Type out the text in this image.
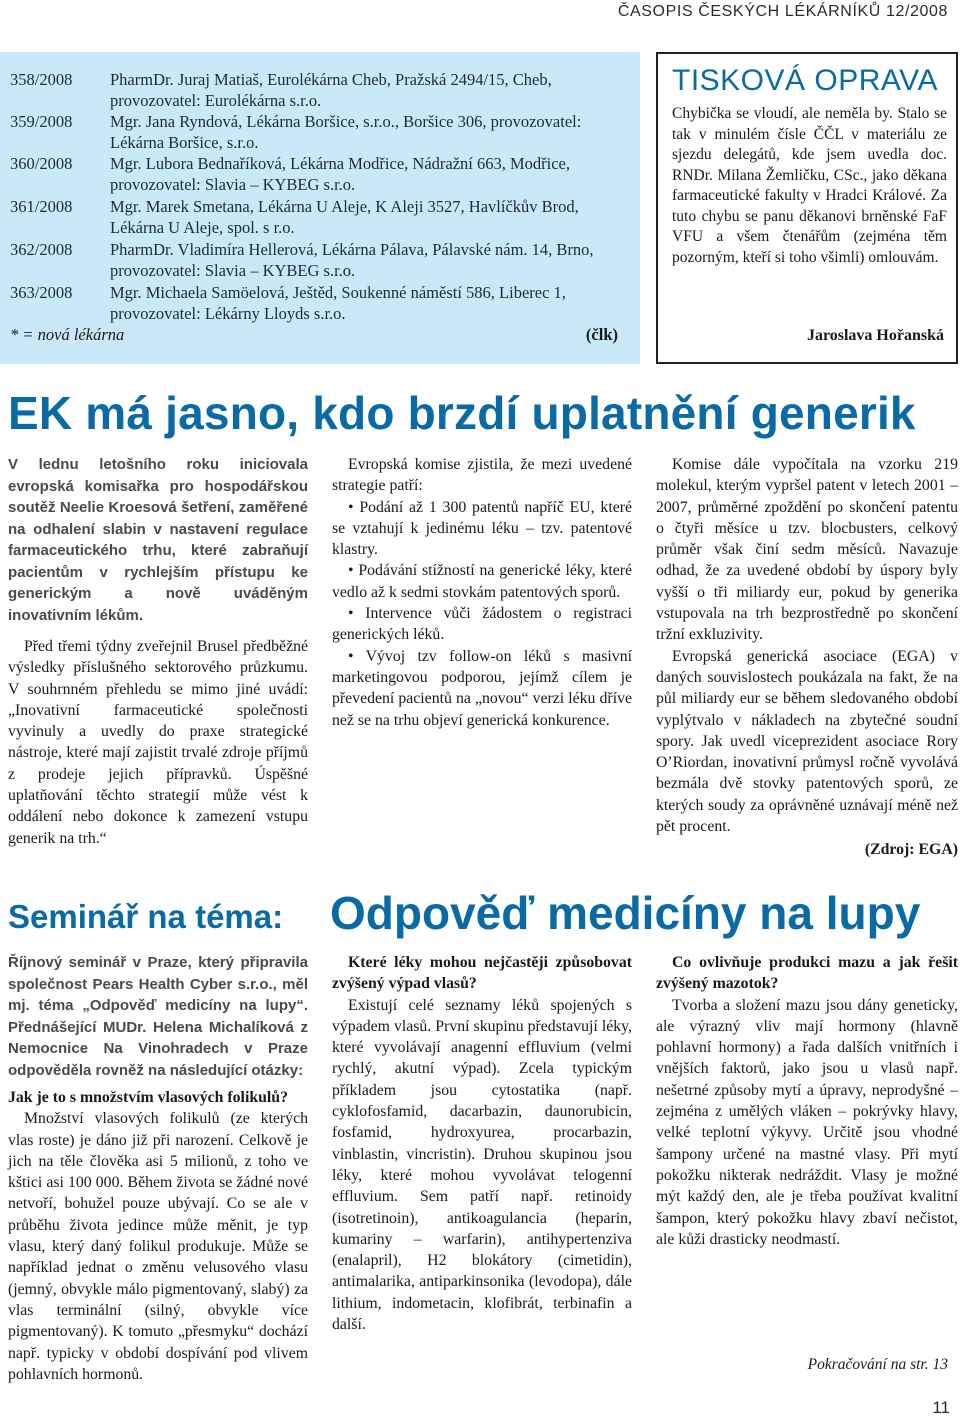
ČASOPIS ČESKÝCH LÉKÁRNÍKŮ 12/2008
358/2008 PharmDr. Juraj Matiaš, Eurolékárna Cheb, Pražská 2494/15, Cheb, provozovatel: Eurolékárna s.r.o.
359/2008 Mgr. Jana Ryndová, Lékárna Boršice, s.r.o., Boršice 306, provozovatel: Lékárna Boršice, s.r.o.
360/2008 Mgr. Lubora Bednaříková, Lékárna Modřice, Nádražní 663, Modřice, provozovatel: Slavia – KYBEG s.r.o.
361/2008 Mgr. Marek Smetana, Lékárna U Aleje, K Aleji 3527, Havlíčkův Brod, Lékárna U Aleje, spol. s r.o.
362/2008 PharmDr. Vladimíra Hellerová, Lékárna Pálava, Pálavské nám. 14, Brno, provozovatel: Slavia – KYBEG s.r.o.
363/2008 Mgr. Michaela Samöelová, Ještěd, Soukenné náměstí 586, Liberec 1, provozovatel: Lékárny Lloyds s.r.o.
* = nová lékárna	(člk)
TISKOVÁ OPRAVA
Chybička se vloudí, ale neměla by. Stalo se tak v minulém čísle ČČL v materiálu ze sjezdu delegátů, kde jsem uvedla doc. RNDr. Milana Žemličku, CSc., jako děkana farmaceutické fakulty v Hradci Králové. Za tuto chybu se panu děkanovi brněnské FaF VFU a všem čtenářům (zejména těm pozorným, kteří si toho všimli) omlouvám.
Jaroslava Hořanská
EK má jasno, kdo brzdí uplatnění generik

V lednu letošního roku iniciovala evropská komisařka pro hospodářskou soutěž Neelie Kroesová šetření, zaměřené na odhalení slabin v nastavení regulace farmaceutického trhu, které zabraňují pacientům v rychlejším přístupu ke generickým a nově uváděným inovativním lékům.

Před třemi týdny zveřejnil Brusel předběžné výsledky příslušného sektorového průzkumu. V souhrnném přehledu se mimo jiné uvádí: „Inovativní farmaceutické společnosti vyvinuly a uvedly do praxe strategické nástroje, které mají zajistit trvalé zdroje příjmů z prodeje jejich přípravků. Úspěšné uplatňování těchto strategií může vést k oddálení nebo dokonce k zamezení vstupu generik na trh.“

Evropská komise zjistila, že mezi uvedené strategie patří:

• Podání až 1 300 patentů napříč EU, které se vztahují k jedinému léku – tzv. patentové klastry.

• Podávání stížností na generické léky, které vedlo až k sedmi stovkám patentových sporů.

• Intervence vůči žádostem o registraci generických léků.

• Vývoj tzv follow-on léků s masivní marketingovou podporou, jejímž cílem je převedení pacientů na „novou“ verzi léku dříve než se na trhu objeví generická konkurence.

Komise dále vypočítala na vzorku 219 molekul, kterým vypršel patent v letech 2001 – 2007, průměrné zpoždění po skončení patentu o čtyři měsíce u tzv. blocbusters, celkový průměr však činí sedm měsíců. Navazuje odhad, že za uvedené období by úspory byly vyšší o tři miliardy eur, pokud by generika vstupovala na trh bezprostředně po skončení tržní exkluzivity.

Evropská generická asociace (EGA) v daných souvislostech poukázala na fakt, že na půl miliardy eur se během sledovaného období vyplýtvalo v nákladech na zbytečné soudní spory. Jak uvedl viceprezident asociace Rory O’Riordan, inovativní průmysl ročně vyvolává bezmála dvě stovky patentových sporů, ze kterých soudy za oprávněné uznávají méně než pět procent.

(Zdroj: EGA)

Seminář na téma: Odpověď medicíny na lupy

Říjnový seminář v Praze, který připravila společnost Pears Health Cyber s.r.o., měl mj. téma „Odpověď medicíny na lupy“. Přednášející MUDr. Helena Michalíková z Nemocnice Na Vinohradech v Praze odpověděla rovněž na následující otázky:

Jak je to s množstvím vlasových folikulů?

Množství vlasových folikulů (ze kterých vlas roste) je dáno již při narození. Celkově je jich na těle člověka asi 5 milionů, z toho ve kštici asi 100 000. Během života se žádné nové netvoří, bohužel pouze ubývají. Co se ale v průběhu života jedince může měnit, je typ vlasu, který daný folikul produkuje. Může se například jednat o změnu velusového vlasu (jemný, obvykle málo pigmentovaný, slabý) za vlas terminální (silný, obvykle více pigmentovaný). K tomuto „přesmyku“ dochází např. typicky v období dospívání pod vlivem pohlavních hormonů.

Které léky mohou nejčastěji způsobovat zvýšený výpad vlasů?

Existují celé seznamy léků spojených s výpadem vlasů. První skupinu představují léky, které vyvolávají anagenní effluvium (velmi rychlý, akutní výpad). Zcela typickým příkladem jsou cytostatika (např. cyklofosfamid, dacarbazin, daunorubicin, fosfamid, hydroxyurea, procarbazin, vinblastin, vincristin). Druhou skupinou jsou léky, které mohou vyvolávat telogenní effluvium. Sem patří např. retinoidy (isotretinoin), antikoagulancia (heparin, kumariny – warfarin), antihypertenziva (enalapril), H2 blokátory (cimetidin), antimalarika, antiparkinsonika (levodopa), dále lithium, indometacin, klofibrát, terbinafin a další.

Co ovlivňuje produkci mazu a jak řešit zvýšený mazotok?

Tvorba a složení mazu jsou dány geneticky, ale výrazný vliv mají hormony (hlavně pohlavní hormony) a řada dalších vnitřních i vnějších faktorů, jako jsou u vlasů např. nešetrné způsoby mytí a úpravy, neprodyšné – zejména z umělých vláken – pokrývky hlavy, velké teplotní výkyvy. Určitě jsou vhodné šampony určené na mastné vlasy. Při mytí pokožku nikterak nedráždit. Vlasy je možné mýt každý den, ale je třeba používat kvalitní šampon, který pokožku hlavy zbaví nečistot, ale kůži drasticky neodmastí.

Pokračování na str. 13
11
